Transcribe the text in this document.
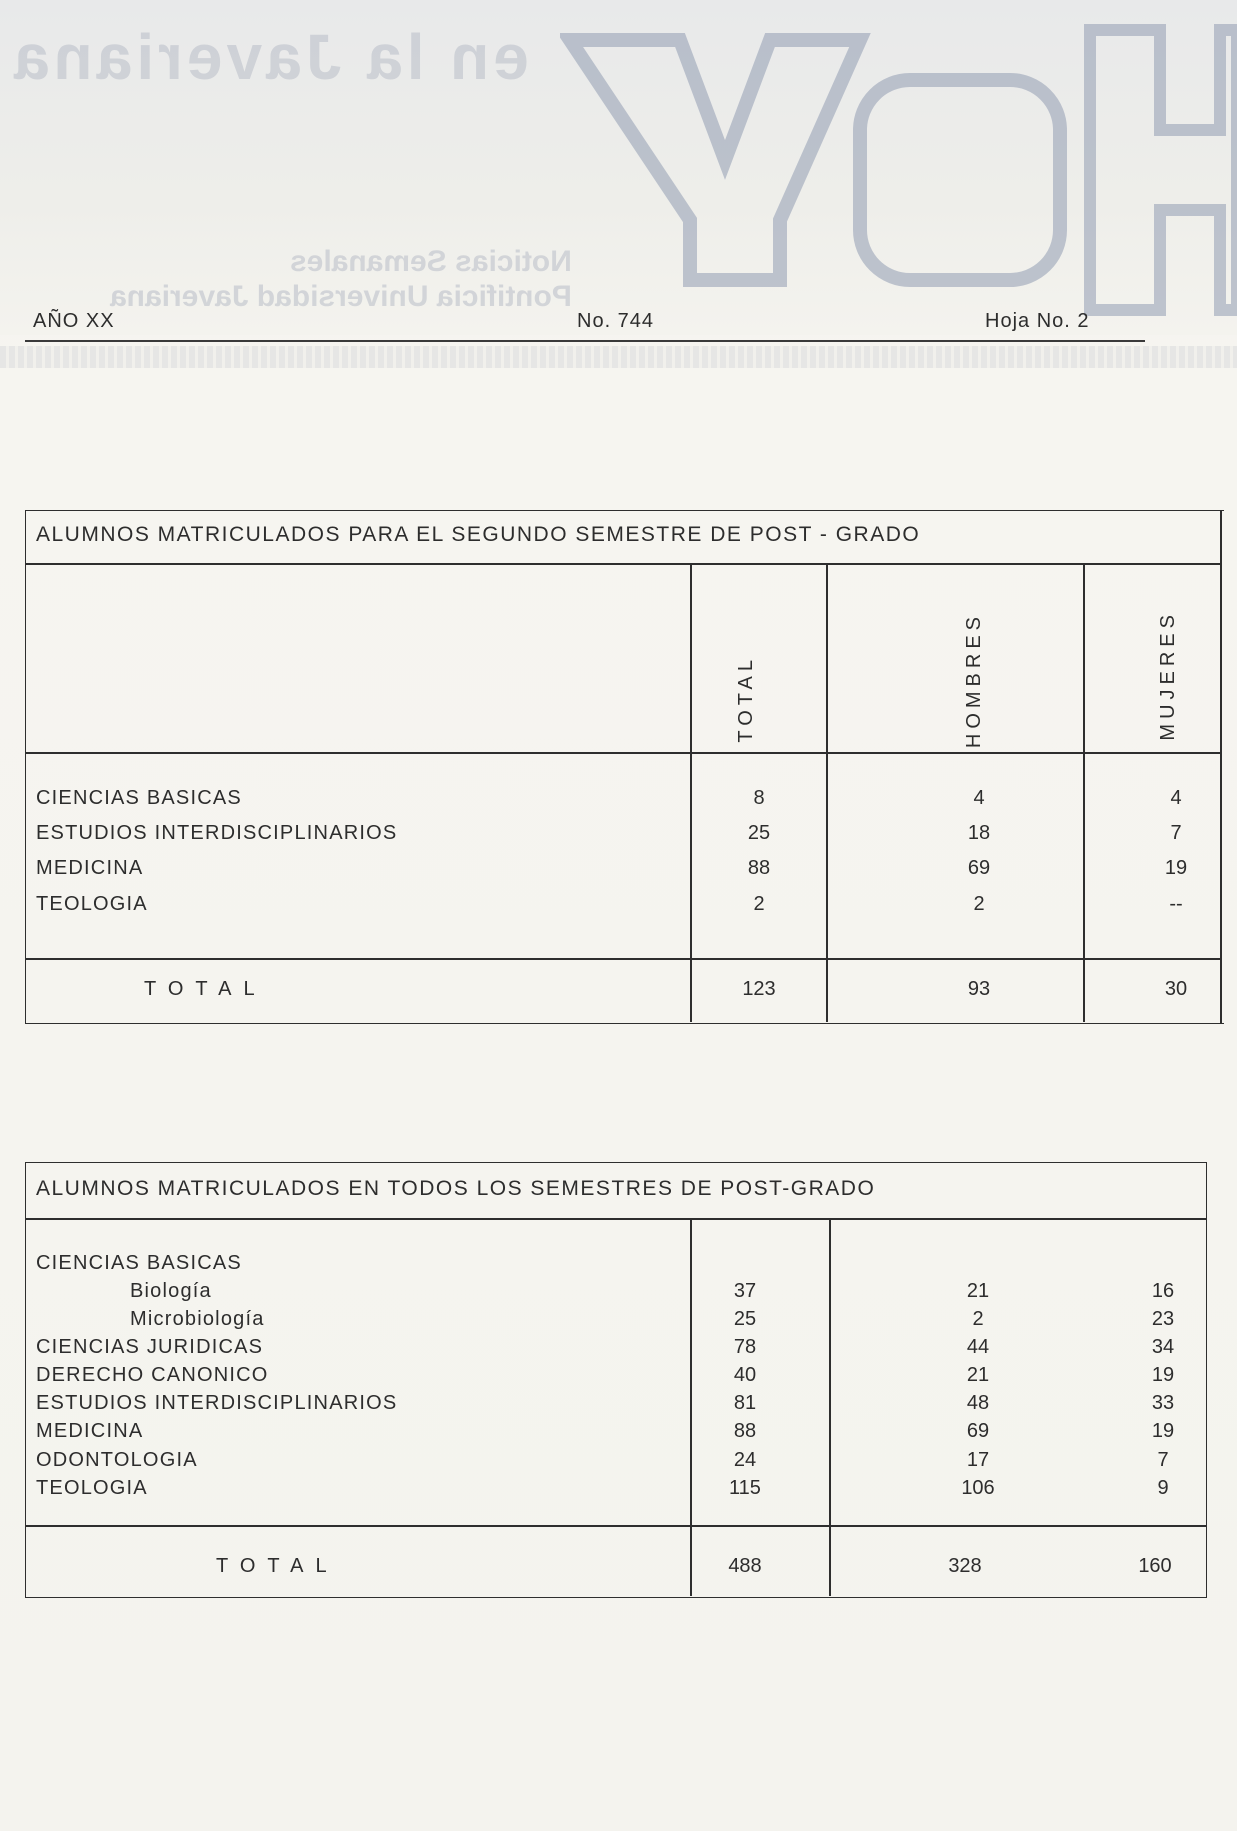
en la Javeriana
Noticias Semanales
Pontificia Universidad Javeriana
AÑO XX	No. 744	Hoja No. 2
ALUMNOS MATRICULADOS PARA EL SEGUNDO SEMESTRE DE POST - GRADO
TOTAL	HOMBRES	MUJERES
CIENCIAS BASICAS	8	4	4
ESTUDIOS INTERDISCIPLINARIOS	25	18	7
MEDICINA	88	69	19
TEOLOGIA	2	2	--
TOTAL	123	93	30
ALUMNOS MATRICULADOS EN TODOS LOS SEMESTRES DE POST-GRADO
CIENCIAS BASICAS
Biología	37	21	16
Microbiología	25	2	23
CIENCIAS JURIDICAS	78	44	34
DERECHO CANONICO	40	21	19
ESTUDIOS INTERDISCIPLINARIOS	81	48	33
MEDICINA	88	69	19
ODONTOLOGIA	24	17	7
TEOLOGIA	115	106	9
TOTAL	488	328	160
